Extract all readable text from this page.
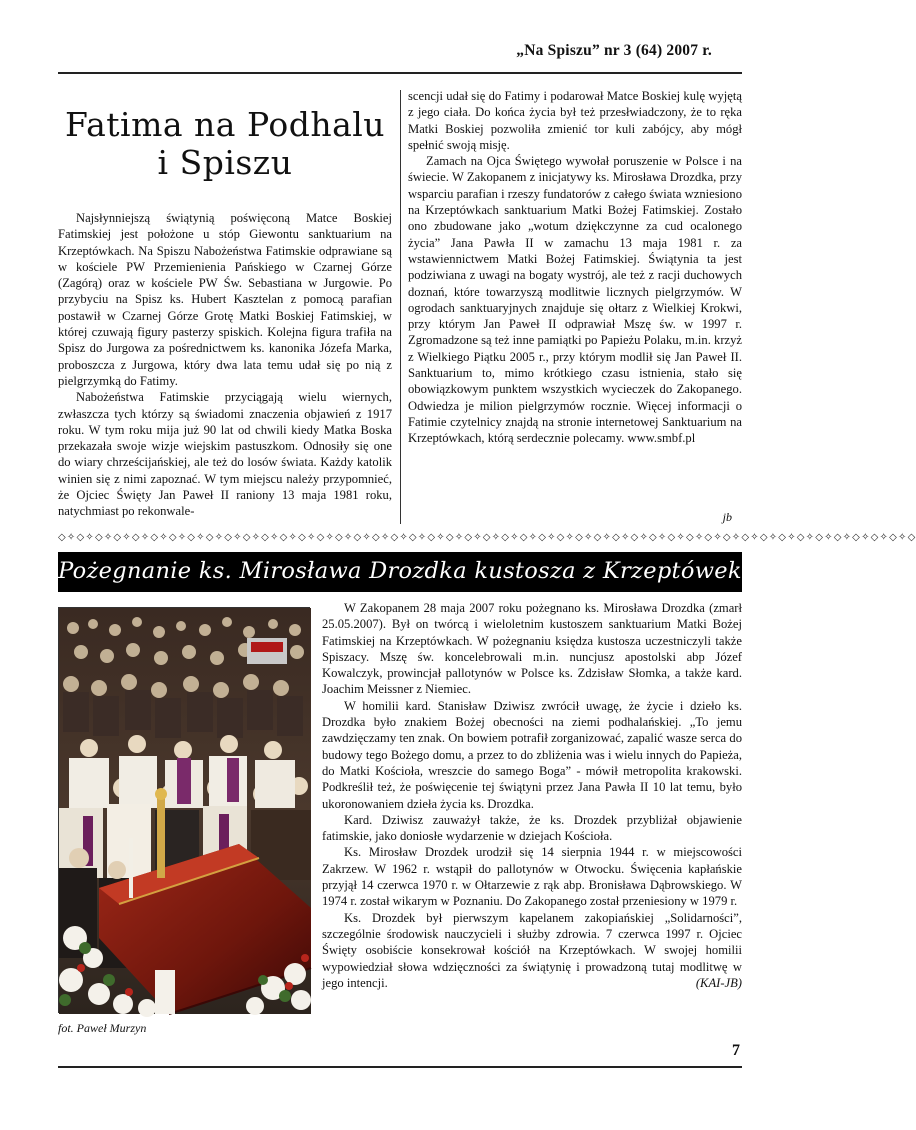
„Na Spiszu” nr 3 (64) 2007 r.
Fatima na Podhalu
i Spiszu

Najsłynniejszą świątynią poświęconą Matce Boskiej Fatimskiej jest położone u stóp Giewontu sanktuarium na Krzeptówkach. Na Spiszu Nabożeństwa Fatimskie odprawiane są w kościele PW Przemienienia Pańskiego w Czarnej Górze (Zagórą) oraz w kościele PW Św. Sebastiana w Jurgowie. Po przybyciu na Spisz ks. Hubert Kasztelan z pomocą parafian postawił w Czarnej Górze Grotę Matki Boskiej Fatimskiej, w której czuwają figury pasterzy spiskich. Kolejna figura trafiła na Spisz do Jurgowa za pośrednictwem ks. kanonika Józefa Marka, proboszcza z Jurgowa, który dwa lata temu udał się po nią z pielgrzymką do Fatimy.

Nabożeństwa Fatimskie przyciągają wielu wiernych, zwłaszcza tych którzy są świadomi znaczenia objawień z 1917 roku. W tym roku mija już 90 lat od chwili kiedy Matka Boska przekazała swoje wizje wiejskim pastuszkom. Odnosiły się one do wiary chrześcijańskiej, ale też do losów świata. Każdy katolik winien się z nimi zapoznać. W tym miejscu należy przypomnieć, że Ojciec Święty Jan Paweł II raniony 13 maja 1981 roku, natychmiast po rekonwale-

scencji udał się do Fatimy i podarował Matce Boskiej kulę wyjętą z jego ciała. Do końca życia był też przesłwiadczony, że to ręka Matki Boskiej pozwoliła zmienić tor kuli zabójcy, aby mógł spełnić swoją misję.

Zamach na Ojca Świętego wywołał poruszenie w Polsce i na świecie. W Zakopanem z inicjatywy ks. Mirosława Drozdka, przy wsparciu parafian i rzeszy fundatorów z całego świata wzniesiono na Krzeptówkach sanktuarium Matki Bożej Fatimskiej. Zostało ono zbudowane jako „wotum dziękczynne za cud ocalonego życia” Jana Pawła II w zamachu 13 maja 1981 r. za wstawiennictwem Matki Bożej Fatimskiej. Świątynia ta jest podziwiana z uwagi na bogaty wystrój, ale też z racji duchowych doznań, które towarzyszą modlitwie licznych pielgrzymów. W ogrodach sanktuaryjnych znajduje się ołtarz z Wielkiej Krokwi, przy którym Jan Paweł II odprawiał Mszę św. w 1997 r. Zgromadzone są też inne pamiątki po Papieżu Polaku, m.in. krzyż z Wielkiego Piątku 2005 r., przy którym modlił się Jan Paweł II. Sanktuarium to, mimo krótkiego czasu istnienia, stało się obowiązkowym punktem wszystkich wycieczek do Zakopanego. Odwiedza je milion pielgrzymów rocznie. Więcej informacji o Fatimie czytelnicy znajdą na stronie internetowej Sanktuarium na Krzeptówkach, którą serdecznie polecamy. www.smbf.pl

jb
◇✧◇✧◇✧◇✧◇✧◇✧◇✧◇✧◇✧◇✧◇✧◇✧◇✧◇✧◇✧◇✧◇✧◇✧◇✧◇✧◇✧◇✧◇✧◇✧◇✧◇✧◇✧◇✧◇✧◇✧◇✧◇✧◇✧◇✧◇✧◇✧◇✧◇✧◇✧◇✧◇✧◇✧◇✧◇✧◇✧◇✧◇
Pożegnanie ks. Mirosława Drozdka kustosza z Krzeptówek
fot. Paweł Murzyn

W Zakopanem 28 maja 2007 roku pożegnano ks. Mirosława Drozdka (zmarł 25.05.2007). Był on twórcą i wieloletnim kustoszem sanktuarium Matki Bożej Fatimskiej na Krzeptówkach. W pożegnaniu księdza kustosza uczestniczyli także Spiszacy. Mszę św. koncelebrowali m.in. nuncjusz apostolski abp Józef Kowalczyk, prowincjał pallotynów w Polsce ks. Zdzisław Słomka, a także kard. Joachim Meissner z Niemiec.

W homilii kard. Stanisław Dziwisz zwrócił uwagę, że życie i dzieło ks. Drozdka było znakiem Bożej obecności na ziemi podhalańskiej. „To jemu zawdzięczamy ten znak. On bowiem potrafił zorganizować, zapalić wasze serca do budowy tego Bożego domu, a przez to do zbliżenia was i wielu innych do Papieża, do Matki Kościoła, wreszcie do samego Boga” - mówił metropolita krakowski. Podkreślił też, że poświęcenie tej świątyni przez Jana Pawła II 10 lat temu, było ukoronowaniem dzieła życia ks. Drozdka.

Kard. Dziwisz zauważył także, że ks. Drozdek przybliżał objawienie fatimskie, jako doniosłe wydarzenie w dziejach Kościoła.

Ks. Mirosław Drozdek urodził się 14 sierpnia 1944 r. w miejscowości Zakrzew. W 1962 r. wstąpił do pallotynów w Otwocku. Święcenia kapłańskie przyjął 14 czerwca 1970 r. w Ołtarzewie z rąk abp. Bronisława Dąbrowskiego. W 1974 r. został wikarym w Poznaniu. Do Zakopanego został przeniesiony w 1979 r.

Ks. Drozdek był pierwszym kapelanem zakopiańskiej „Solidarności”, szczególnie środowisk nauczycieli i służby zdrowia. 7 czerwca 1997 r. Ojciec Święty osobiście konsekrował kościół na Krzeptówkach. W swojej homilii wypowiedział słowa wdzięczności za świątynię i prowadzoną tutaj modlitwę w jego intencji.	(KAI-JB)

7
